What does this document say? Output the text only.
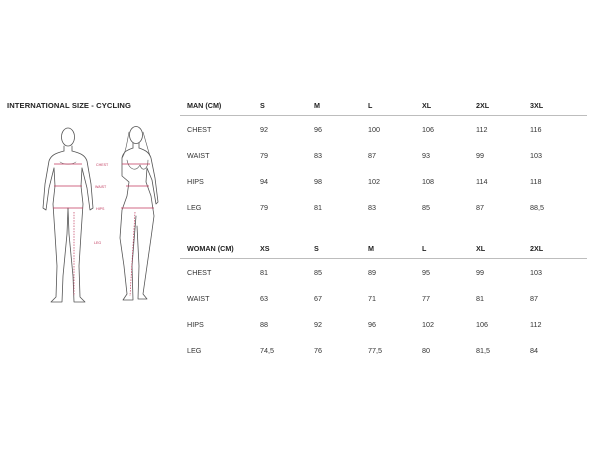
INTERNATIONAL SIZE - CYCLING
CHEST
WAIST
HIPS
LEG
MAN (CM)	S	M	L	XL	2XL	3XL
CHEST	92	96	100	106	112	116
WAIST	79	83	87	93	99	103
HIPS	94	98	102	108	114	118
LEG	79	81	83	85	87	88,5
WOMAN (CM)	XS	S	M	L	XL	2XL
CHEST	81	85	89	95	99	103
WAIST	63	67	71	77	81	87
HIPS	88	92	96	102	106	112
LEG	74,5	76	77,5	80	81,5	84
